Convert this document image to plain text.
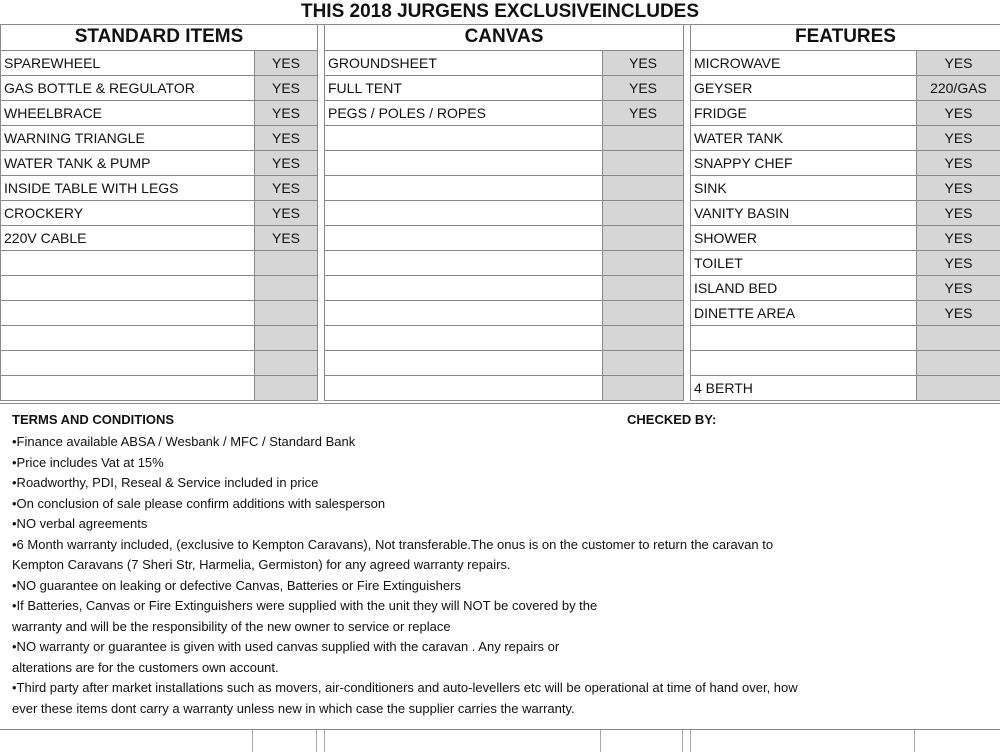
THIS 2018 JURGENS EXCLUSIVEINCLUDES
STANDARD ITEMS
SPAREWHEEL	YES
GAS BOTTLE & REGULATOR	YES
WHEELBRACE	YES
WARNING TRIANGLE	YES
WATER TANK & PUMP	YES
INSIDE TABLE WITH LEGS	YES
CROCKERY	YES
220V CABLE	YES
CANVAS
GROUNDSHEET	YES
FULL TENT	YES
PEGS / POLES / ROPES	YES
FEATURES
MICROWAVE	YES
GEYSER	220/GAS
FRIDGE	YES
WATER TANK	YES
SNAPPY CHEF	YES
SINK	YES
VANITY BASIN	YES
SHOWER	YES
TOILET	YES
ISLAND BED	YES
DINETTE AREA	YES
4 BERTH
TERMS AND CONDITIONS	CHECKED BY:
•Finance available ABSA / Wesbank / MFC / Standard Bank
•Price includes Vat at 15%
•Roadworthy, PDI, Reseal & Service included in price
•On conclusion of sale please confirm additions with salesperson
•NO verbal agreements
•6 Month warranty included, (exclusive to Kempton Caravans), Not transferable.The onus is on the customer to return the caravan to
Kempton Caravans (7 Sheri Str, Harmelia, Germiston) for any agreed warranty repairs.
•NO guarantee on leaking or defective Canvas, Batteries or Fire Extinguishers
•If Batteries, Canvas or Fire Extinguishers were supplied with the unit they will NOT be covered by the
warranty and will be the responsibility of the new owner to service or replace
•NO warranty or guarantee is given with used canvas supplied with the caravan . Any repairs or
alterations are for the customers own account.
•Third party after market installations such as movers, air-conditioners and auto-levellers etc will be operational at time of hand over, how
ever these items dont carry a warranty unless new in which case the supplier carries the warranty.
